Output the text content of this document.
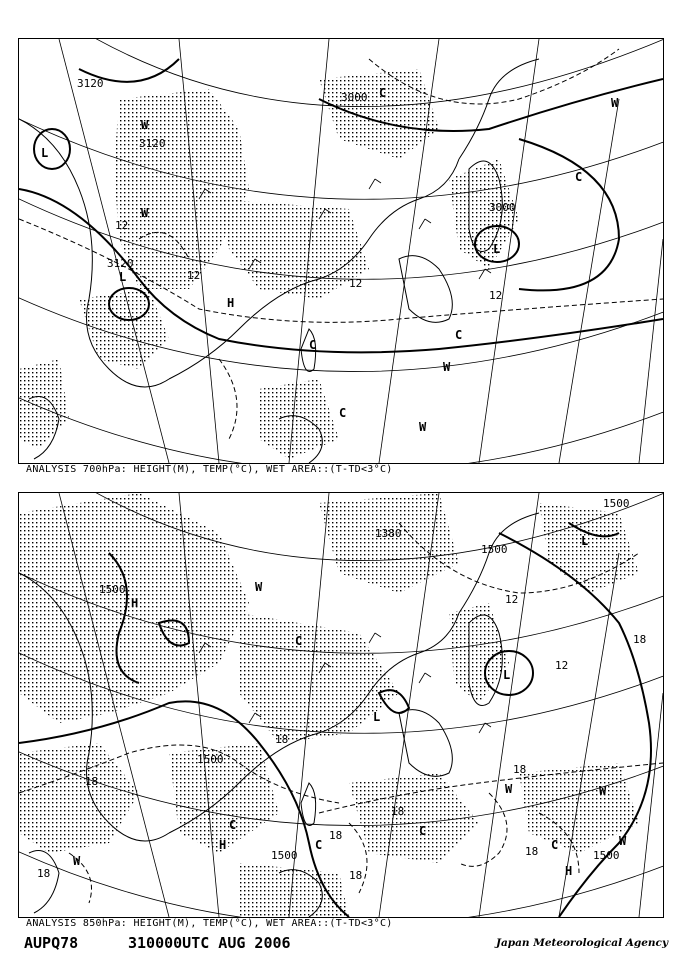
3120
3120
3120
3000
3000
12
12
12
12
L
L
L
H
W
W
W
W
W
C
C
C
C
C
ANALYSIS 700hPa: HEIGHT(M), TEMP(°C), WET AREA::(T-TD<3°C)
1500
1500
1500
1380
1500	1500
1500
18
18
18
18
18
18
18
18
18
12
12
H
H
H
L
L
L
W
W
W	W
W
C
C
C
C
C
ANALYSIS 850hPa: HEIGHT(M), TEMP(°C), WET AREA::(T-TD<3°C)
AUPQ78	310000UTC AUG 2006	Japan Meteorological Agency
